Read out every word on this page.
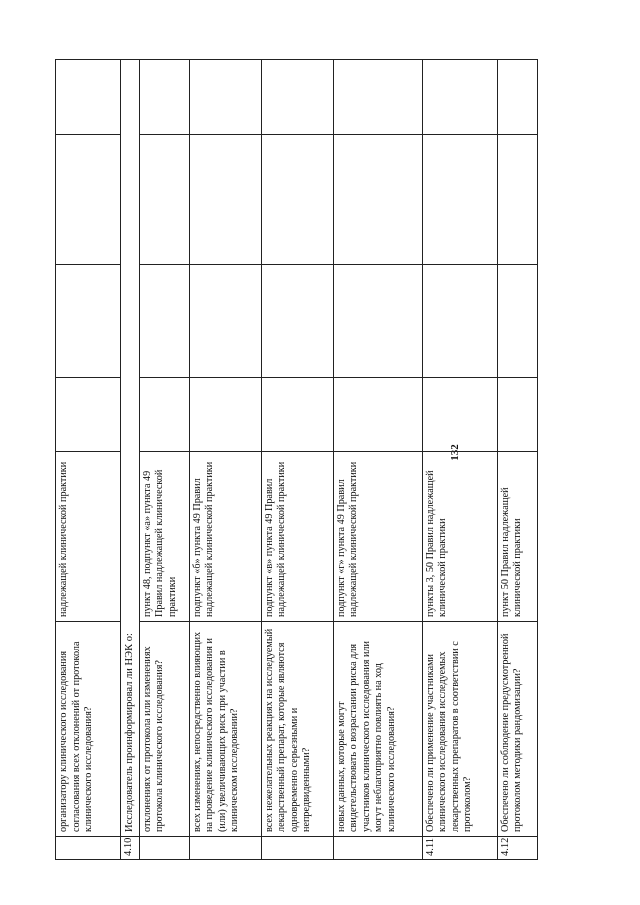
132

	организатору клинического исследования согласования всех отклонений от протокола клинического исследования?	надлежащей клинической практики				

4.10	Исследователь проинформировал ли НЭК о:					

	отклонениях от протокола или изменениях протокола клинического исследования?	пункт 48, подпункт «а» пункта 49 Правил надлежащей клинической практики				

	всех изменениях, непосредственно влияющих на проведение клинического исследования и (или) увеличивающих риск при участии в клиническом исследовании?	подпункт «б» пункта 49 Правил надлежащей клинической практики				

	всех нежелательных реакциях на исследуемый лекарственный препарат, которые являются одновременно серьезными и непредвиденными?	подпункт «в» пункта 49 Правил надлежащей клинической практики				

	новых данных, которые могут свидетельствовать о возрастании риска для участников клинического исследования или могут неблагоприятно повлиять на ход клинического исследования?	подпункт «г» пункта 49 Правил надлежащей клинической практики				

4.11	Обеспечено ли применение участниками клинического исследования исследуемых лекарственных препаратов в соответствии с протоколом?	пункты 3, 50 Правил надлежащей клинической практики				

4.12	Обеспечено ли соблюдение предусмотренной протоколом методики рандомизации?	пункт 50 Правил надлежащей клинической практики				
